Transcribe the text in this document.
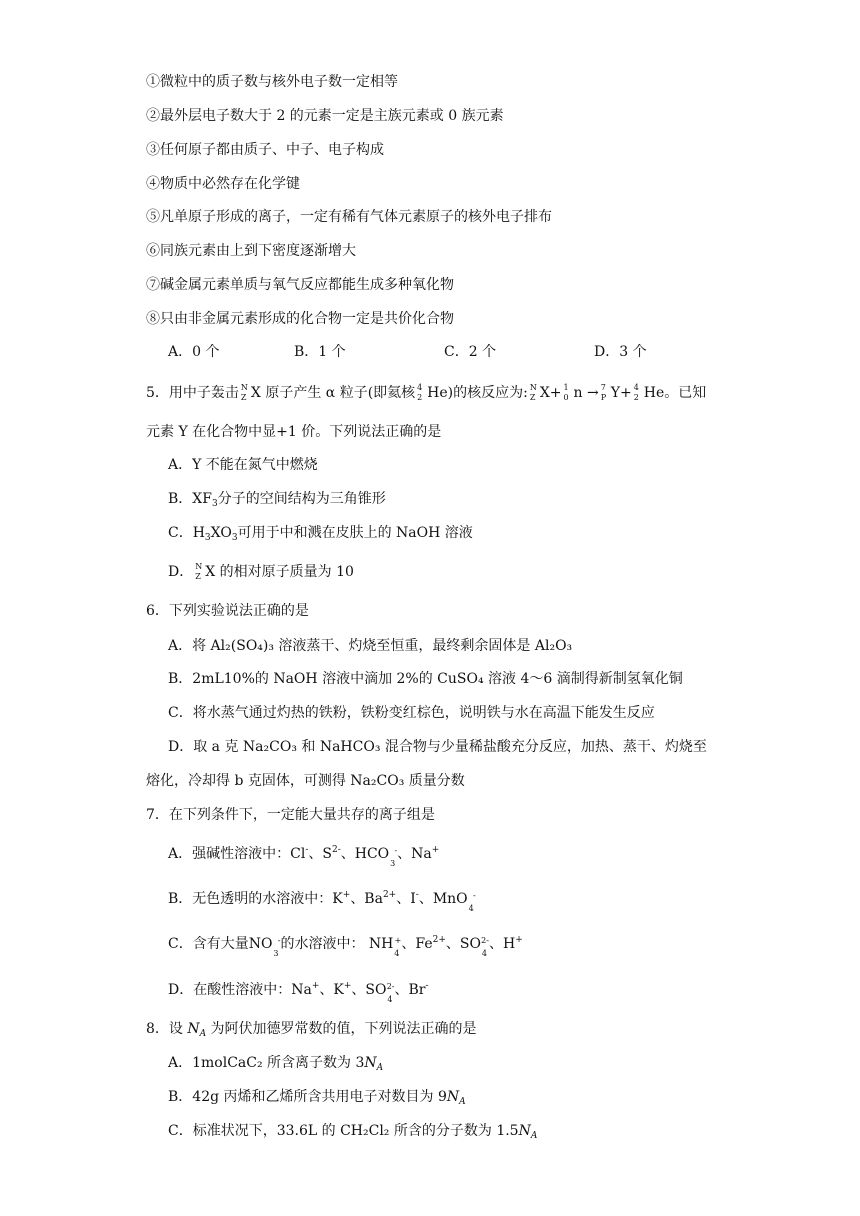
①微粒中的质子数与核外电子数一定相等
②最外层电子数大于 2 的元素一定是主族元素或 0 族元素
③任何原子都由质子、中子、电子构成
④物质中必然存在化学键
⑤凡单原子形成的离子，一定有稀有气体元素原子的核外电子排布
⑥同族元素由上到下密度逐渐增大
⑦碱金属元素单质与氧气反应都能生成多种氧化物
⑧只由非金属元素形成的化合物一定是共价化合物
A．0 个	B．1 个	C．2 个	D．3 个
5．用中子轰击 N
Z X 原子产生 α 粒子(即氦核 4
2 He)的核反应为: N
Z X+ 1
0 n → 7
P Y+ 4
2 He。已知
元素 Y 在化合物中显+1 价。下列说法正确的是
A．Y 不能在氮气中燃烧
B．$XF_3$分子的空间结构为三角锥形
C．$H_3XO_3$可用于中和溅在皮肤上的 NaOH 溶液
D． N
Z X 的相对原子质量为 10
6．下列实验说法正确的是
A．将 Al₂(SO₄)₃ 溶液蒸干、灼烧至恒重，最终剩余固体是 Al₂O₃
B．2mL10%的 NaOH 溶液中滴加 2%的 CuSO₄ 溶液 4～6 滴制得新制氢氧化铜
C．将水蒸气通过灼热的铁粉，铁粉变红棕色，说明铁与水在高温下能发生反应
D．取 a 克 Na₂CO₃ 和 NaHCO₃ 混合物与少量稀盐酸充分反应，加热、蒸干、灼烧至
熔化，冷却得 b 克固体，可测得 Na₂CO₃ 质量分数
7．在下列条件下，一定能大量共存的离子组是
A．强碱性溶液中：Cl-、$S^{2-}$、HCO -
3
、Na+
B．无色透明的水溶液中：K+、$Ba^{2+}$、I-、MnO -
4
C．含有大量NO -
3
的水溶液中： NH +
4
、$Fe^{2+}$、SO 2-
4
、H+
D．在酸性溶液中：Na+、K+、SO 2-
4
、Br-
8．设 $N_A$ 为阿伏加德罗常数的值，下列说法正确的是
A．1molCaC₂ 所含离子数为 $3N_A$
B．42g 丙烯和乙烯所含共用电子对数目为 $9N_A$
C．标准状况下，33.6L 的 CH₂Cl₂ 所含的分子数为 $1.5N_A$
